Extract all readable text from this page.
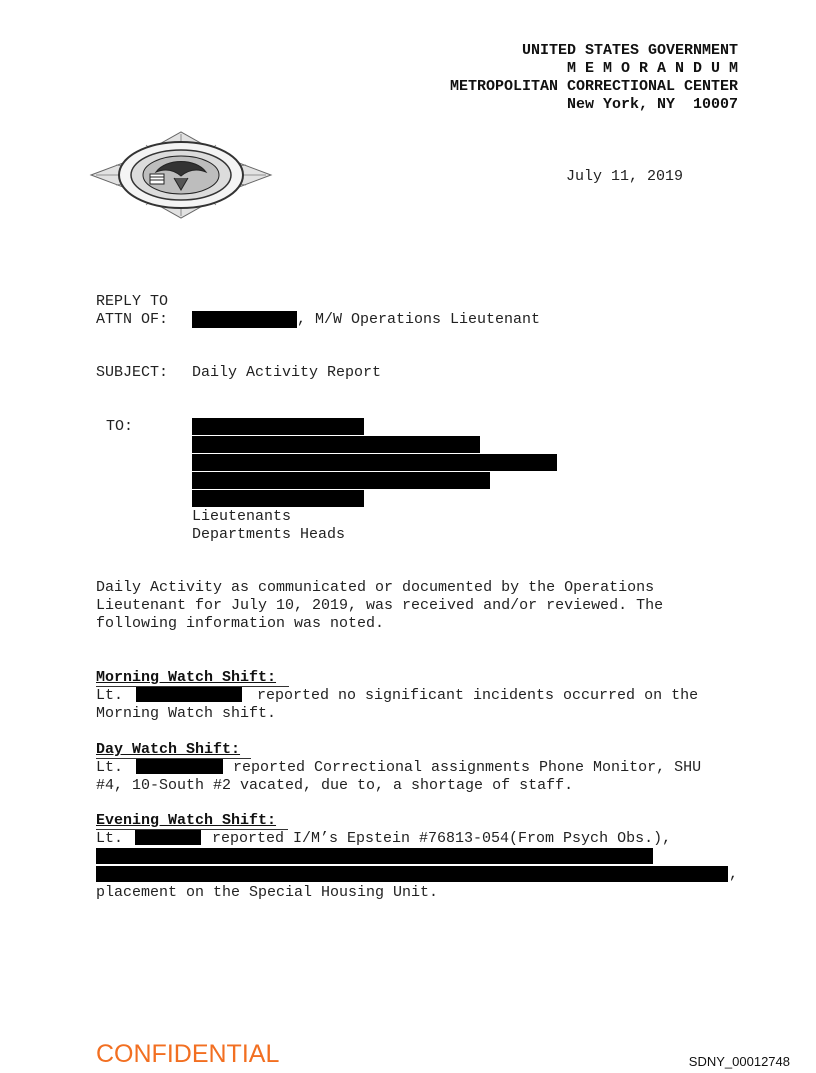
UNITED STATES GOVERNMENT
M E M O R A N D U M
METROPOLITAN CORRECTIONAL CENTER
New York, NY  10007
July 11, 2019
REPLY TO
ATTN OF:	, M/W Operations Lieutenant
SUBJECT: Daily Activity Report
TO:
Lieutenants
Departments Heads
Daily Activity as communicated or documented by the Operations
Lieutenant for July 10, 2019, was received and/or reviewed. The
following information was noted.
Morning Watch Shift:
Lt.	reported no significant incidents occurred on the
Morning Watch shift.
Day Watch Shift:
Lt.	reported Correctional assignments Phone Monitor, SHU
#4, 10-South #2 vacated, due to, a shortage of staff.
Evening Watch Shift:
Lt.	reported I/M’s Epstein #76813-054(From Psych Obs.),
,
placement on the Special Housing Unit.
CONFIDENTIAL	SDNY_00012748
